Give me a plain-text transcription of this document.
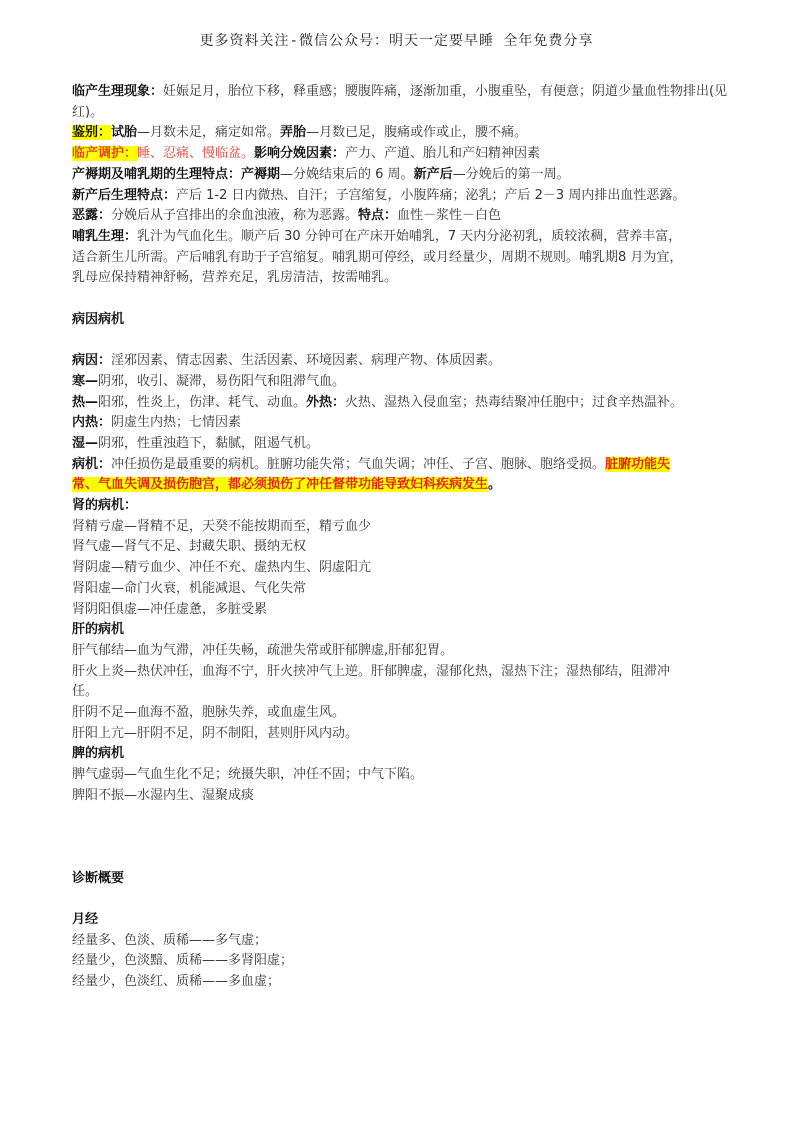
更多资料关注-微信公众号：明天一定要早睡 全年免费分享
临产生理现象：妊娠足月，胎位下移，释重感；腰腹阵痛，逐渐加重，小腹重坠，有便意；阴道少量血性物排出(见红)。
鉴别：试胎—月数未足，痛定如常。弄胎—月数已足，腹痛或作或止，腰不痛。
临产调护：睡、忍痛、慢临盆。影响分娩因素：产力、产道、胎儿和产妇精神因素
产褥期及哺乳期的生理特点：产褥期—分娩结束后的 6 周。新产后—分娩后的第一周。
新产后生理特点：产后 1-2 日内微热、自汗；子宫缩复，小腹阵痛；泌乳；产后 2－3 周内排出血性恶露。
恶露：分娩后从子宫排出的余血浊液，称为恶露。特点：血性－浆性－白色
哺乳生理：乳汁为气血化生。顺产后 30 分钟可在产床开始哺乳，7 天内分泌初乳，质较浓稠，营养丰富，
适合新生儿所需。产后哺乳有助于子宫缩复。哺乳期可停经，或月经量少，周期不规则。哺乳期8 月为宜，
乳母应保持精神舒畅，营养充足，乳房清洁，按需哺乳。
病因病机
病因：淫邪因素、情志因素、生活因素、环境因素、病理产物、体质因素。
寒—阴邪，收引、凝滞，易伤阳气和阻滞气血。
热—阳邪，性炎上，伤津、耗气、动血。外热：火热、湿热入侵血室；热毒结聚冲任胞中；过食辛热温补。
内热：阴虚生内热；七情因素
湿—阴邪，性重浊趋下，黏腻，阻遏气机。
病机：冲任损伤是最重要的病机。脏腑功能失常；气血失调；冲任、子宫、胞脉、胞络受损。脏腑功能失
常、气血失调及损伤胞宫，都必须损伤了冲任督带功能导致妇科疾病发生。
肾的病机：
肾精亏虚—肾精不足，天癸不能按期而至，精亏血少
肾气虚—肾气不足、封藏失职、摄纳无权
肾阴虚—精亏血少、冲任不充、虚热内生、阴虚阳亢
肾阳虚—命门火衰，机能减退、气化失常
肾阴阳俱虚—冲任虚惫，多脏受累
肝的病机
肝气郁结—血为气滞，冲任失畅，疏泄失常或肝郁脾虚,肝郁犯胃。
肝火上炎—热伏冲任，血海不宁，肝火挟冲气上逆。肝郁脾虚，湿郁化热，湿热下注；湿热郁结，阻滞冲
任。
肝阴不足—血海不盈，胞脉失养，或血虚生风。
肝阳上亢—肝阴不足，阴不制阳，甚则肝风内动。
脾的病机
脾气虚弱—气血生化不足；统摄失职，冲任不固；中气下陷。
脾阳不振—水湿内生、湿聚成痰
诊断概要
月经
经量多、色淡、质稀——多气虚；
经量少，色淡黯、质稀——多肾阳虚；
经量少，色淡红、质稀——多血虚；
